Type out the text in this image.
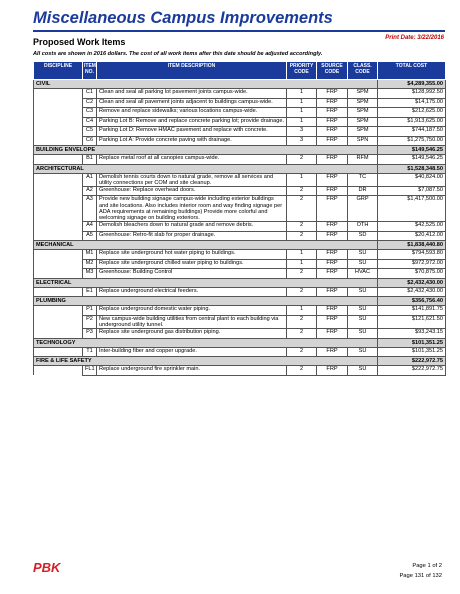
Miscellaneous Campus Improvements
Print Date: 3/22/2016
Proposed Work Items
All costs are shown in 2016 dollars. The cost of all work items after this date should be adjusted accordingly.
DISCIPLINE	ITEM NO.	ITEM DESCRIPTION	PRIORITY CODE	SOURCE CODE	CLASS. CODE	TOTAL COST
CIVIL						$4,289,355.00
	C1	Clean and seal all parking lot pavement joints campus-wide.	1	FRP	SPM	$128,992.50
	C2	Clean and seal all pavement joints adjacent to buildings campus-wide.	1	FRP	SPM	$14,175.00
	C3	Remove and replace sidewalks; various locations campus-wide.	1	FRP	SPM	$212,625.00
	C4	Parking Lot B: Remove and replace concrete parking lot; provide drainage.	1	FRP	SPM	$1,913,625.00
	C5	Parking Lot D: Remove HMAC pavement and replace with concrete.	3	FRP	SPM	$744,187.50
	C6	Parking Lot A: Provide concrete paving with drainage.	3	FRP	SPN	$1,275,750.00
BUILDING ENVELOPE						$149,546.25
	B1	Replace metal roof at all canopies campus-wide.	2	FRP	RFM	$149,546.25
ARCHITECTURAL						$1,528,348.50
	A1	Demolish tennis courts down to natural grade, remove all services and utility connections per COM and site cleanup.	1	FRP	TC	$40,824.00
	A2	Greenhouse: Replace overhead doors.	2	FRP	DR	$7,087.50
	A3	Provide new building signage campus-wide including exterior buildings and site locations. Also includes interior room and way finding signage per ADA requirements at remaining buildings) Provide more colorful and welcoming signage on building exteriors.	2	FRP	GRP	$1,417,500.00
	A4	Demolish bleachers down to natural grade and remove debris.	2	FRP	OTH	$42,525.00
	A5	Greenhouse: Retro-fit slab for proper drainage.	2	FRP	SD	$20,412.00
MECHANICAL						$1,838,440.80
	M1	Replace site underground hot water piping to buildings.	1	FRP	SU	$794,593.80
	M2	Replace site underground chilled water piping to buildings.	1	FRP	SU	$972,972.00
	M3	Greenhouse: Building Control	2	FRP	HVAC	$70,875.00
ELECTRICAL						$2,432,430.00
	E1	Replace underground electrical feeders.	2	FRP	SU	$2,432,430.00
PLUMBING						$356,756.40
	P1	Replace underground domestic water piping.	1	FRP	SU	$141,891.75
	P2	New campus-wide building utilities from central plant to each building via underground utility tunnel.	2	FRP	SU	$121,621.50
	P3	Replace site underground gas distribution piping.	2	FRP	SU	$93,243.15
TECHNOLOGY						$101,351.25
	T1	Inter-building fiber and copper upgrade.	2	FRP	SU	$101,351.25
FIRE & LIFE SAFETY						$222,972.75
	FL1	Replace underground fire sprinkler main.	2	FRP	SU	$222,972.75
PBK	Page 1 of 2
Page 131 of 132
